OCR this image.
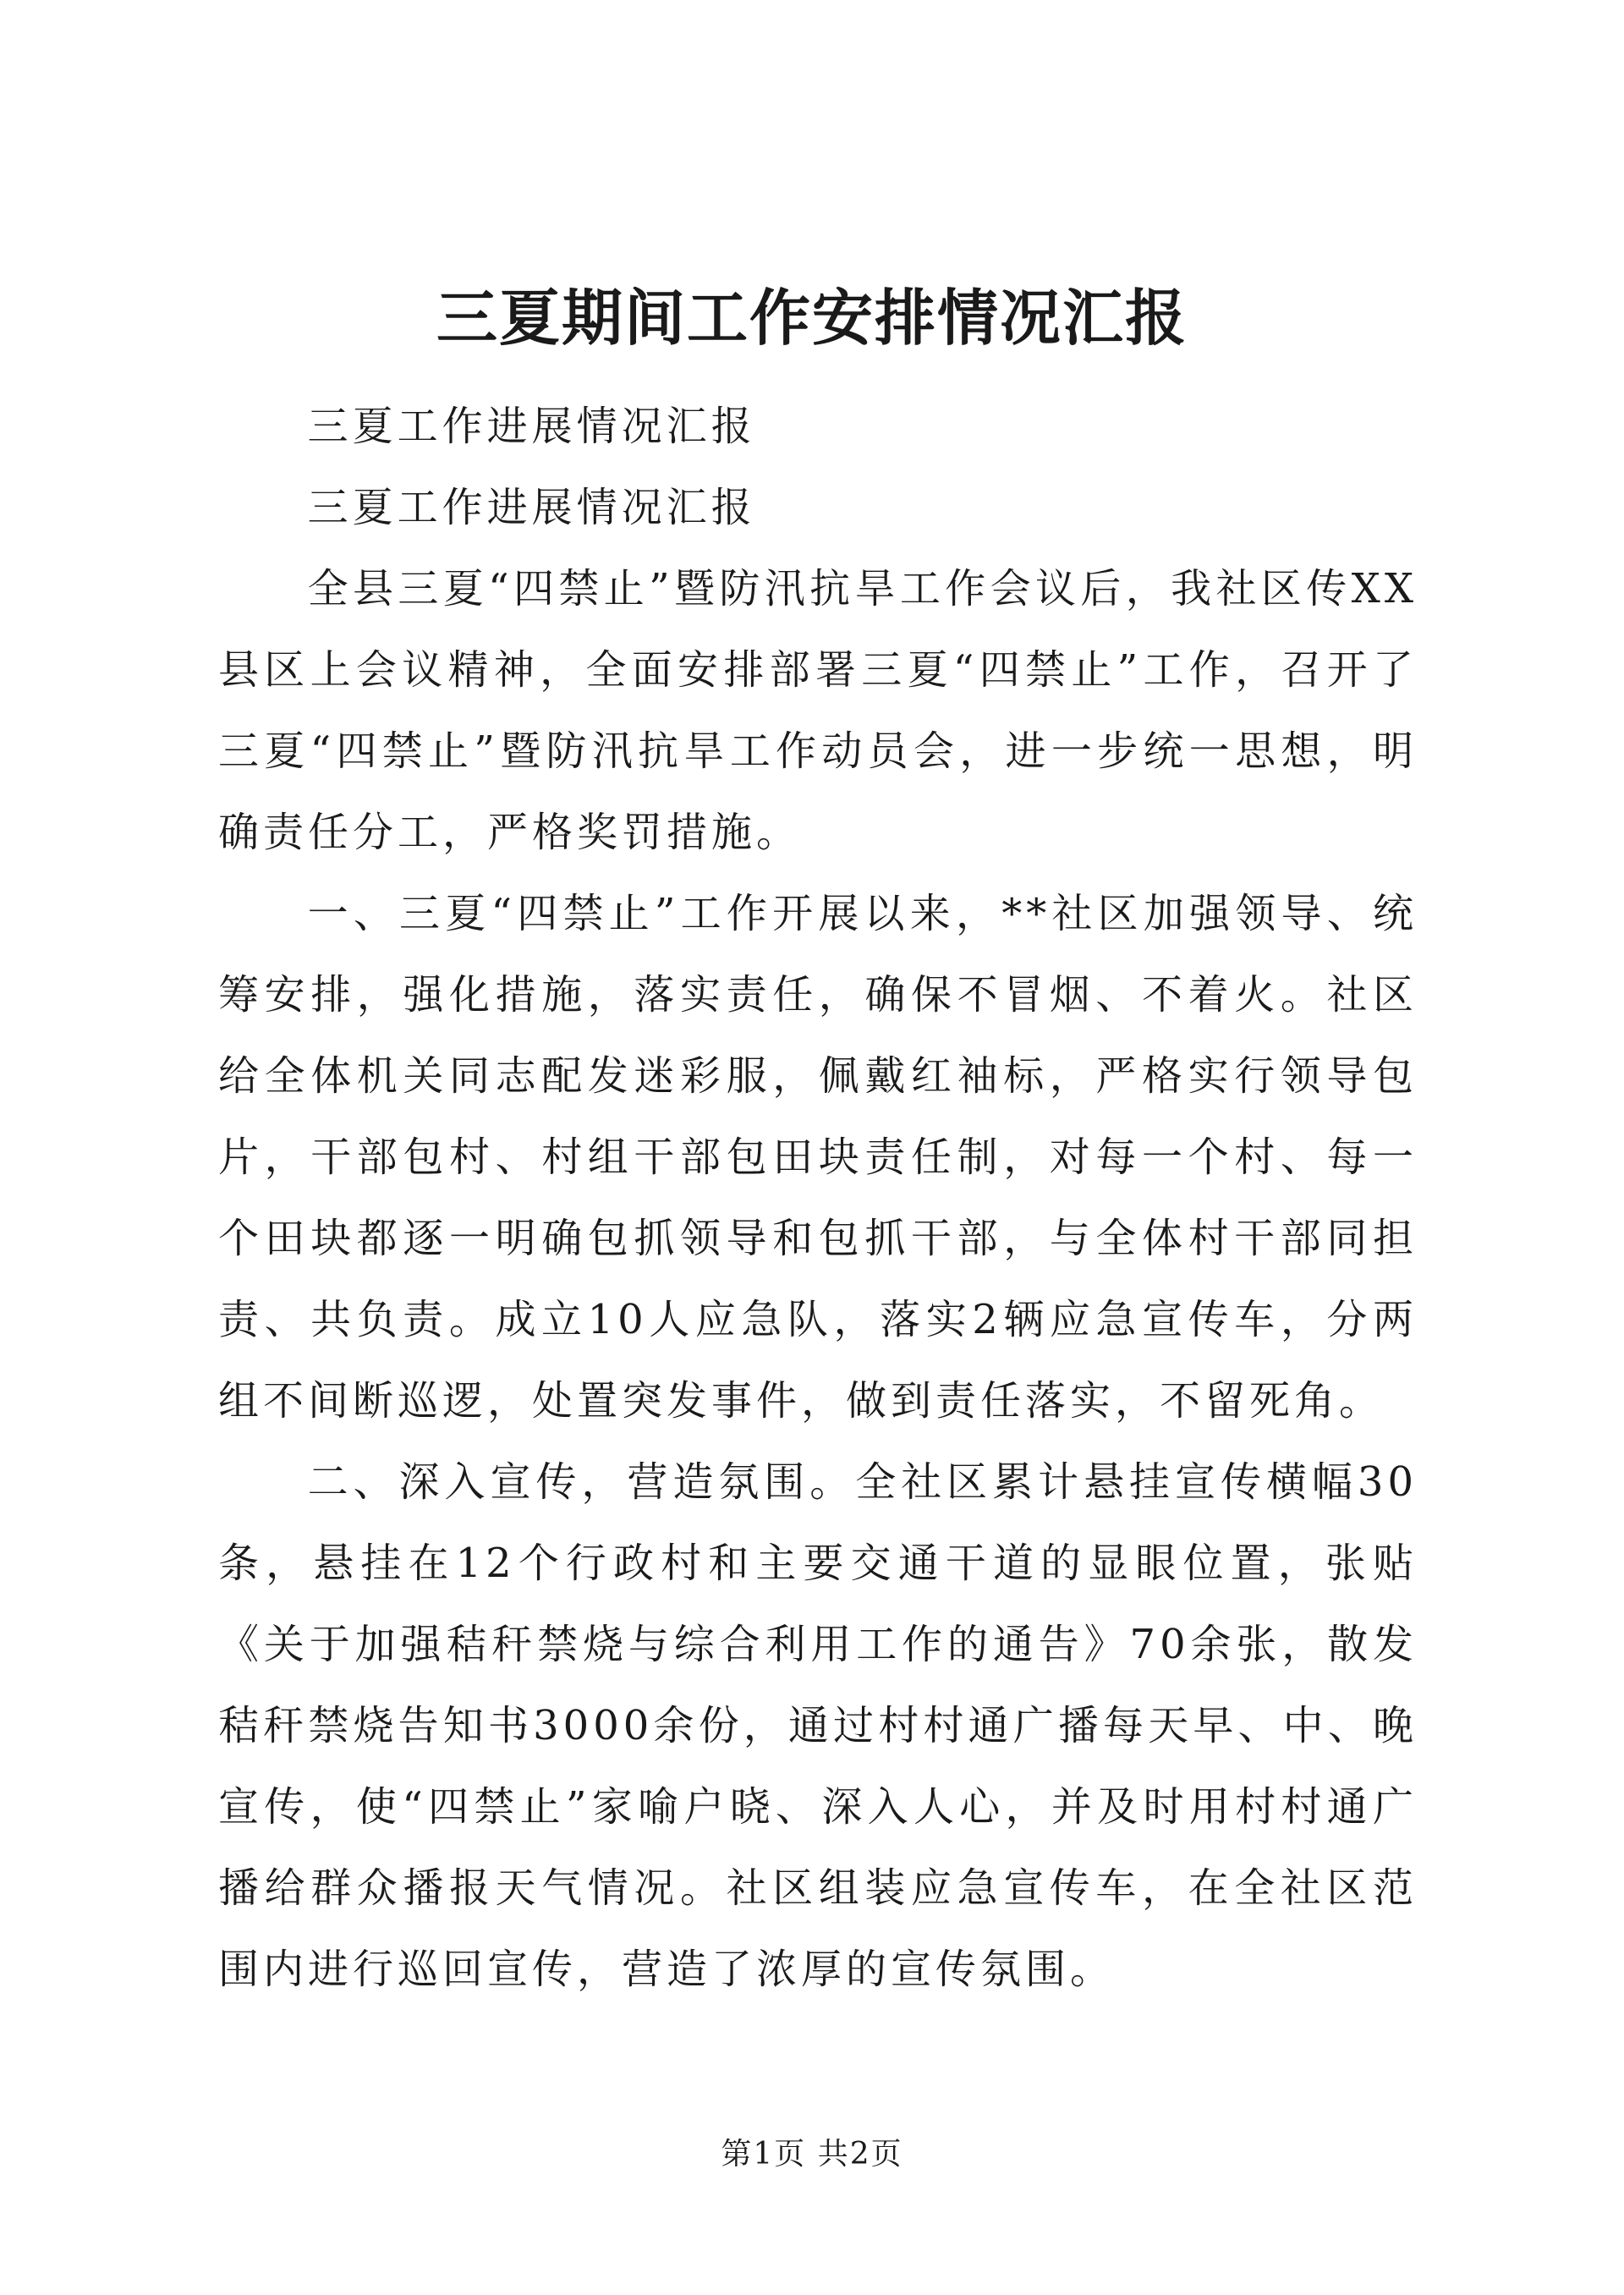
三夏期间工作安排情况汇报

三夏工作进展情况汇报

三夏工作进展情况汇报

全县三夏“四禁止”暨防汛抗旱工作会议后，我社区传XX县区上会议精神，全面安排部署三夏“四禁止”工作，召开了三夏“四禁止”暨防汛抗旱工作动员会，进一步统一思想，明确责任分工，严格奖罚措施。

一、三夏“四禁止”工作开展以来，**社区加强领导、统筹安排，强化措施，落实责任，确保不冒烟、不着火。社区给全体机关同志配发迷彩服，佩戴红袖标，严格实行领导包片，干部包村、村组干部包田块责任制，对每一个村、每一个田块都逐一明确包抓领导和包抓干部，与全体村干部同担责、共负责。成立10人应急队，落实2辆应急宣传车，分两组不间断巡逻，处置突发事件，做到责任落实，不留死角。

二、深入宣传，营造氛围。全社区累计悬挂宣传横幅30条，悬挂在12个行政村和主要交通干道的显眼位置，张贴《关于加强秸秆禁烧与综合利用工作的通告》70余张，散发秸秆禁烧告知书3000余份，通过村村通广播每天早、中、晚宣传，使“四禁止”家喻户晓、深入人心，并及时用村村通广播给群众播报天气情况。社区组装应急宣传车，在全社区范围内进行巡回宣传，营造了浓厚的宣传氛围。

第1页 共2页
